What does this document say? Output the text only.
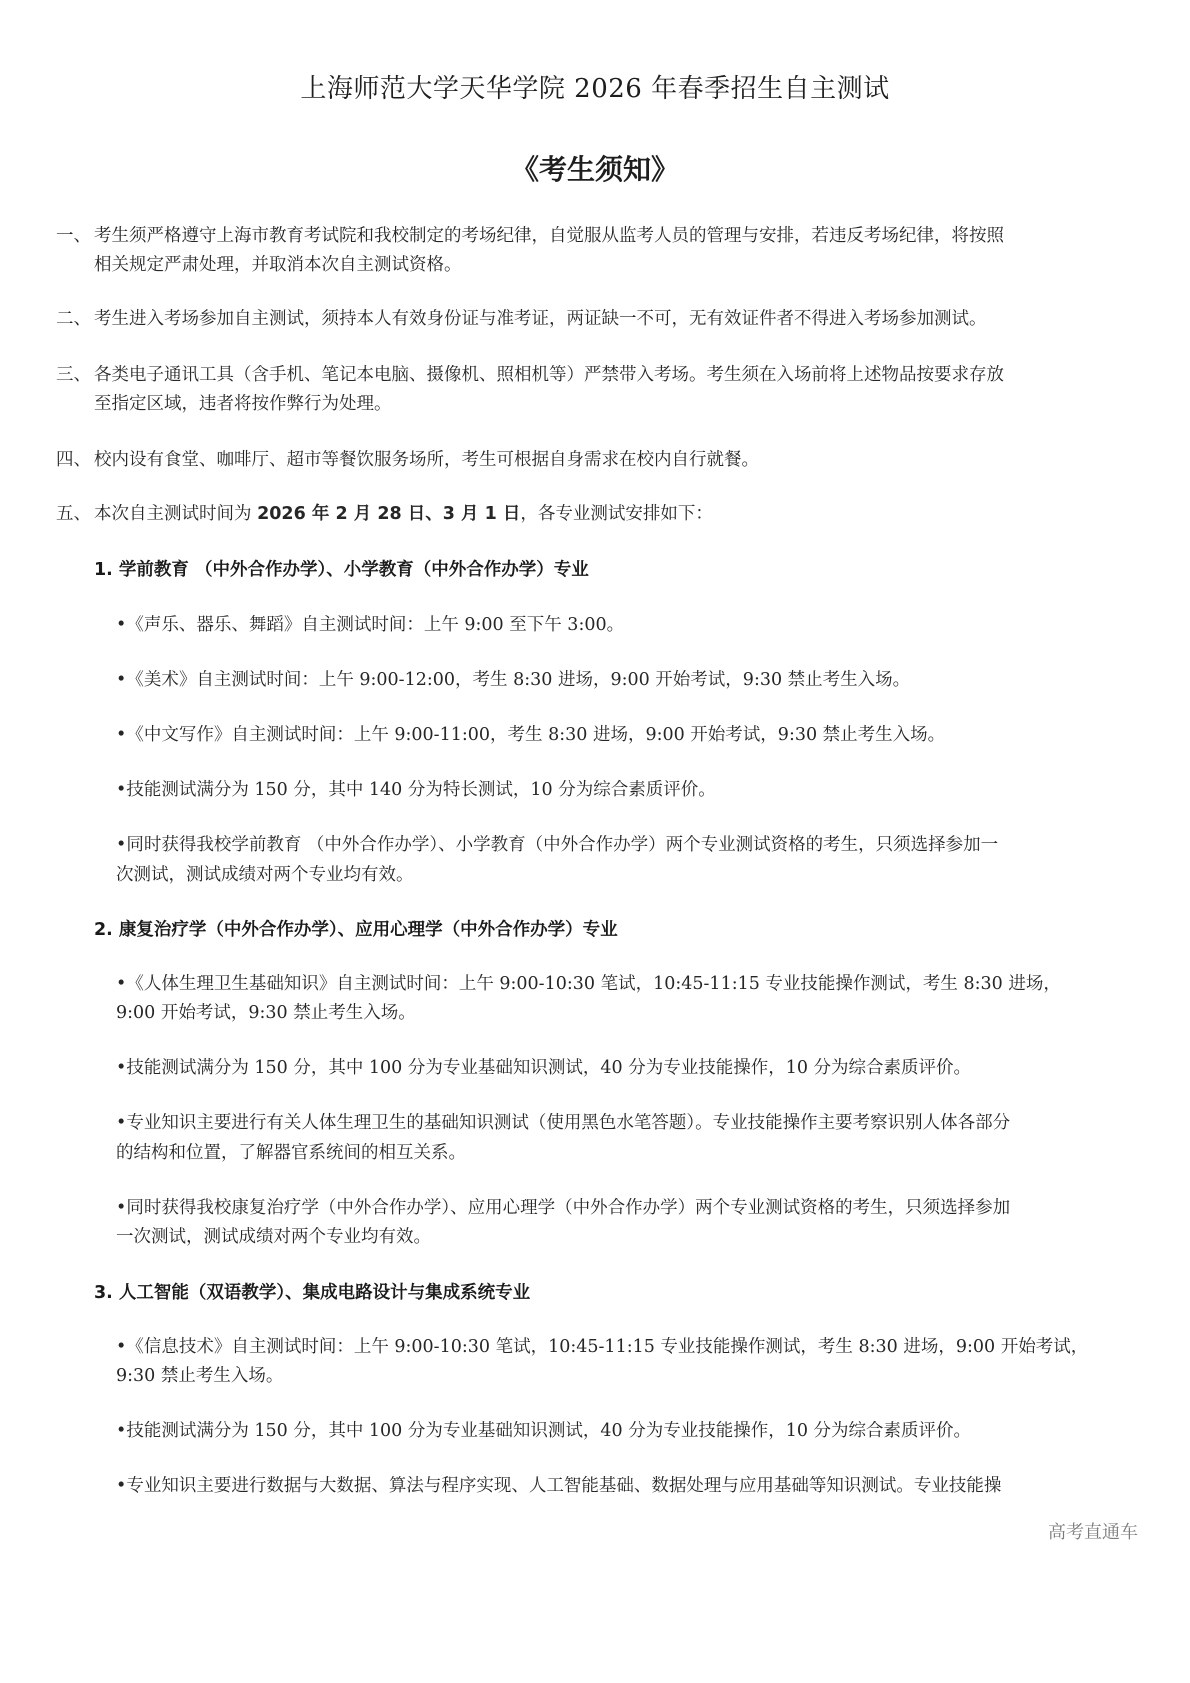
上海师范大学天华学院 2026 年春季招生自主测试
《考生须知》
一、 考生须严格遵守上海市教育考试院和我校制定的考场纪律，自觉服从监考人员的管理与安排，若违反考场纪律，将按照
相关规定严肃处理，并取消本次自主测试资格。
二、 考生进入考场参加自主测试，须持本人有效身份证与准考证，两证缺一不可，无有效证件者不得进入考场参加测试。
三、 各类电子通讯工具（含手机、笔记本电脑、摄像机、照相机等）严禁带入考场。考生须在入场前将上述物品按要求存放
至指定区域，违者将按作弊行为处理。
四、 校内设有食堂、咖啡厅、超市等餐饮服务场所，考生可根据自身需求在校内自行就餐。
五、 本次自主测试时间为 2026 年 2 月 28 日、3 月 1 日，各专业测试安排如下：
1. 学前教育 （中外合作办学）、小学教育（中外合作办学）专业
•《声乐、器乐、舞蹈》自主测试时间：上午 9:00 至下午 3:00。
•《美术》自主测试时间：上午 9:00-12:00，考生 8:30 进场，9:00 开始考试，9:30 禁止考生入场。
•《中文写作》自主测试时间：上午 9:00-11:00，考生 8:30 进场，9:00 开始考试，9:30 禁止考生入场。
•技能测试满分为 150 分，其中 140 分为特长测试，10 分为综合素质评价。
•同时获得我校学前教育 （中外合作办学）、小学教育（中外合作办学）两个专业测试资格的考生，只须选择参加一
次测试，测试成绩对两个专业均有效。
2. 康复治疗学（中外合作办学）、应用心理学（中外合作办学）专业
•《人体生理卫生基础知识》自主测试时间：上午 9:00-10:30 笔试，10:45-11:15 专业技能操作测试，考生 8:30 进场，
9:00 开始考试，9:30 禁止考生入场。
•技能测试满分为 150 分，其中 100 分为专业基础知识测试，40 分为专业技能操作，10 分为综合素质评价。
•专业知识主要进行有关人体生理卫生的基础知识测试（使用黑色水笔答题）。专业技能操作主要考察识别人体各部分
的结构和位置，了解器官系统间的相互关系。
•同时获得我校康复治疗学（中外合作办学）、应用心理学（中外合作办学）两个专业测试资格的考生，只须选择参加
一次测试，测试成绩对两个专业均有效。
3. 人工智能（双语教学）、集成电路设计与集成系统专业
•《信息技术》自主测试时间：上午 9:00-10:30 笔试，10:45-11:15 专业技能操作测试，考生 8:30 进场，9:00 开始考试，
9:30 禁止考生入场。
•技能测试满分为 150 分，其中 100 分为专业基础知识测试，40 分为专业技能操作，10 分为综合素质评价。
•专业知识主要进行数据与大数据、算法与程序实现、人工智能基础、数据处理与应用基础等知识测试。专业技能操
高考直通车
